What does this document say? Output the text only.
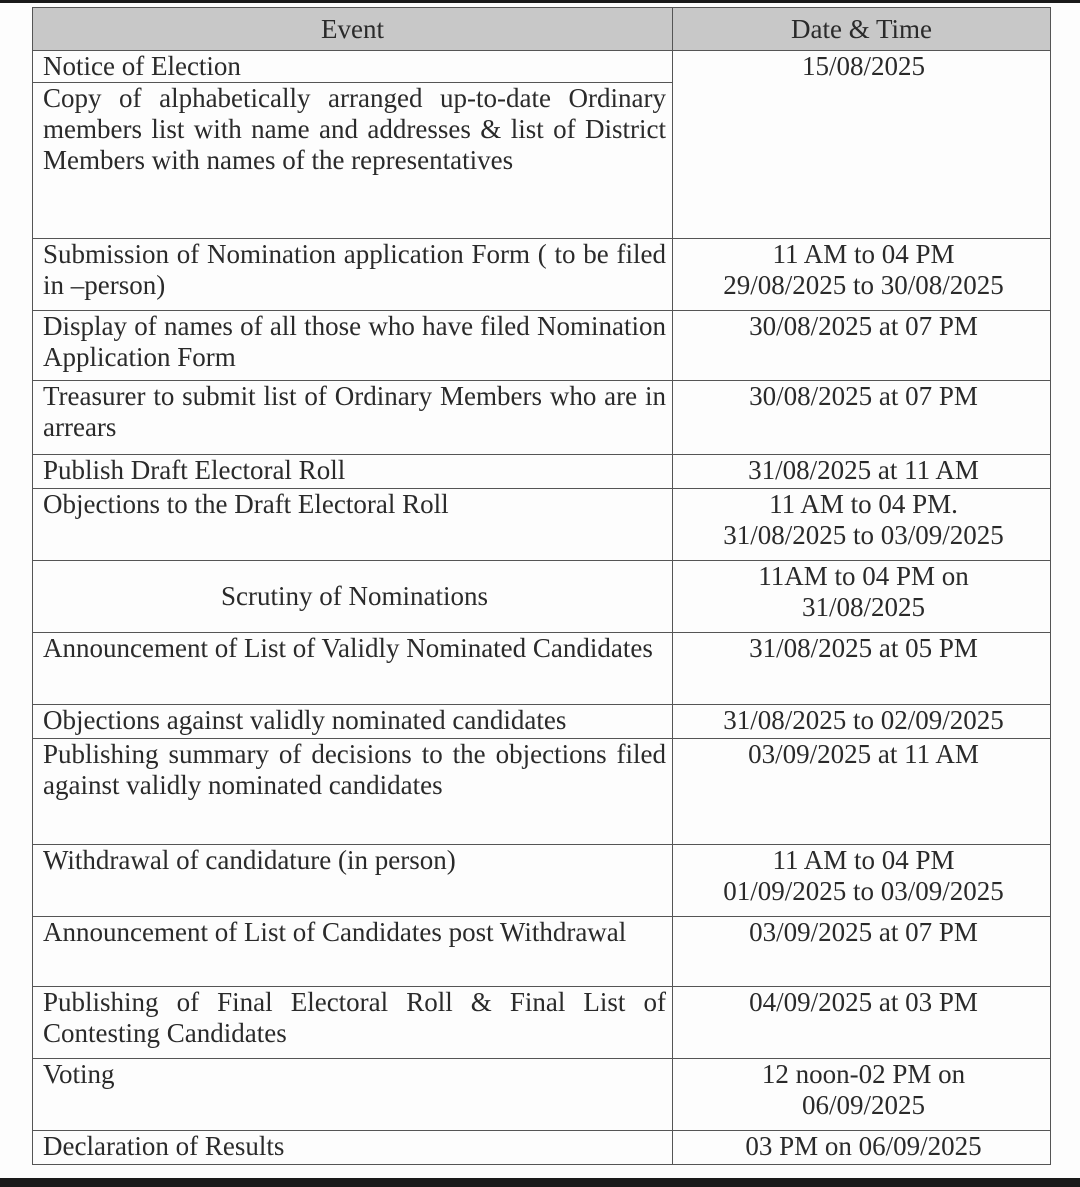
Event	Date & Time
Notice of Election	15/08/2025

Copy of alphabetically arranged up-to-date Ordinary members list with name and addresses & list of District Members with names of the representatives	
Submission of Nomination application Form ( to be filed in –person)	11 AM to 04 PM
29/08/2025 to 30/08/2025

Display of names of all those who have filed Nomination Application Form	30/08/2025 at 07 PM

Treasurer to submit list of Ordinary Members who are in arrears	30/08/2025 at 07 PM

Publish Draft Electoral Roll	31/08/2025 at 11 AM

Objections to the Draft Electoral Roll	11 AM to 04 PM.
31/08/2025 to 03/09/2025

Scrutiny of Nominations	11AM to 04 PM on
31/08/2025

Announcement of List of Validly Nominated Candidates	31/08/2025 at 05 PM

Objections against validly nominated candidates	31/08/2025 to 02/09/2025

Publishing summary of decisions to the objections filed against validly nominated candidates	03/09/2025 at 11 AM

Withdrawal of candidature (in person)	11 AM to 04 PM
01/09/2025 to 03/09/2025

Announcement of List of Candidates post Withdrawal	03/09/2025 at 07 PM

Publishing of Final Electoral Roll & Final List of Contesting Candidates	04/09/2025 at 03 PM

Voting	12 noon-02 PM on
06/09/2025

Declaration of Results	03 PM on 06/09/2025
